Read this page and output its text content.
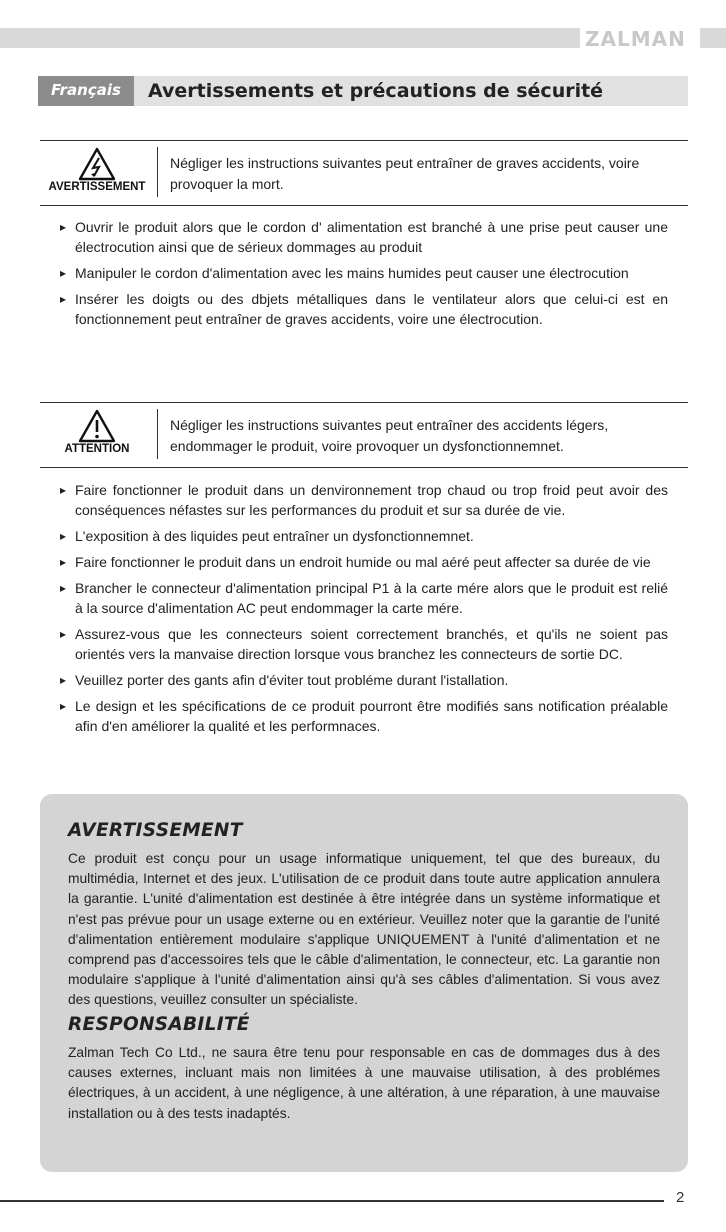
ZALMAN
Français	Avertissements et précautions de sécurité
AVERTISSEMENT
Négliger les instructions suivantes peut entraîner de graves accidents, voire provoquer la mort.
▸ Ouvrir le produit alors que le cordon d' alimentation est branché à une prise peut causer une électrocution ainsi que de sérieux dommages au produit
▸ Manipuler le cordon d'alimentation avec les mains humides peut causer une électrocution
▸ Insérer les doigts ou des dbjets métalliques dans le ventilateur alors que celui-ci est en fonctionnement peut entraîner de graves accidents, voire une électrocution.
ATTENTION
Négliger les instructions suivantes peut entraîner des accidents légers, endommager le produit, voire provoquer un dysfonctionnemnet.
▸ Faire fonctionner le produit dans un denvironnement trop chaud ou trop froid peut avoir des conséquences néfastes sur les performances du produit et sur sa durée de vie.
▸ L'exposition à des liquides peut entraîner un dysfonctionnemnet.
▸ Faire fonctionner le produit dans un endroit humide ou mal aéré peut affecter sa durée de vie
▸ Brancher le connecteur d'alimentation principal P1 à la carte mére alors que le produit est relié à la source d'alimentation AC peut endommager la carte mére.
▸ Assurez-vous que les connecteurs soient correctement branchés, et qu'ils ne soient pas orientés vers la manvaise direction lorsque vous branchez les connecteurs de sortie DC.
▸ Veuillez porter des gants afin d'éviter tout probléme durant l'istallation.
▸ Le design et les spécifications de ce produit pourront être modifiés sans notification préalable afin d'en améliorer la qualité et les performnaces.
AVERTISSEMENT
Ce produit est conçu pour un usage informatique uniquement, tel que des bureaux, du multimédia, Internet et des jeux. L'utilisation de ce produit dans toute autre application annulera la garantie. L'unité d'alimentation est destinée à être intégrée dans un système informatique et n'est pas prévue pour un usage externe ou en extérieur. Veuillez noter que la garantie de l'unité d'alimentation entièrement modulaire s'applique UNIQUEMENT à l'unité d'alimentation et ne comprend pas d'accessoires tels que le câble d'alimentation, le connecteur, etc. La garantie non modulaire s'applique à l'unité d'alimentation ainsi qu'à ses câbles d'alimentation. Si vous avez des questions, veuillez consulter un spécialiste.
RESPONSABILITÉ
Zalman Tech Co Ltd., ne saura être tenu pour responsable en cas de dommages dus à des causes externes, incluant mais non limitées à une mauvaise utilisation, à des problémes électriques, à un accident, à une négligence, à une altération, à une réparation, à une mauvaise installation ou à des tests inadaptés.
2
